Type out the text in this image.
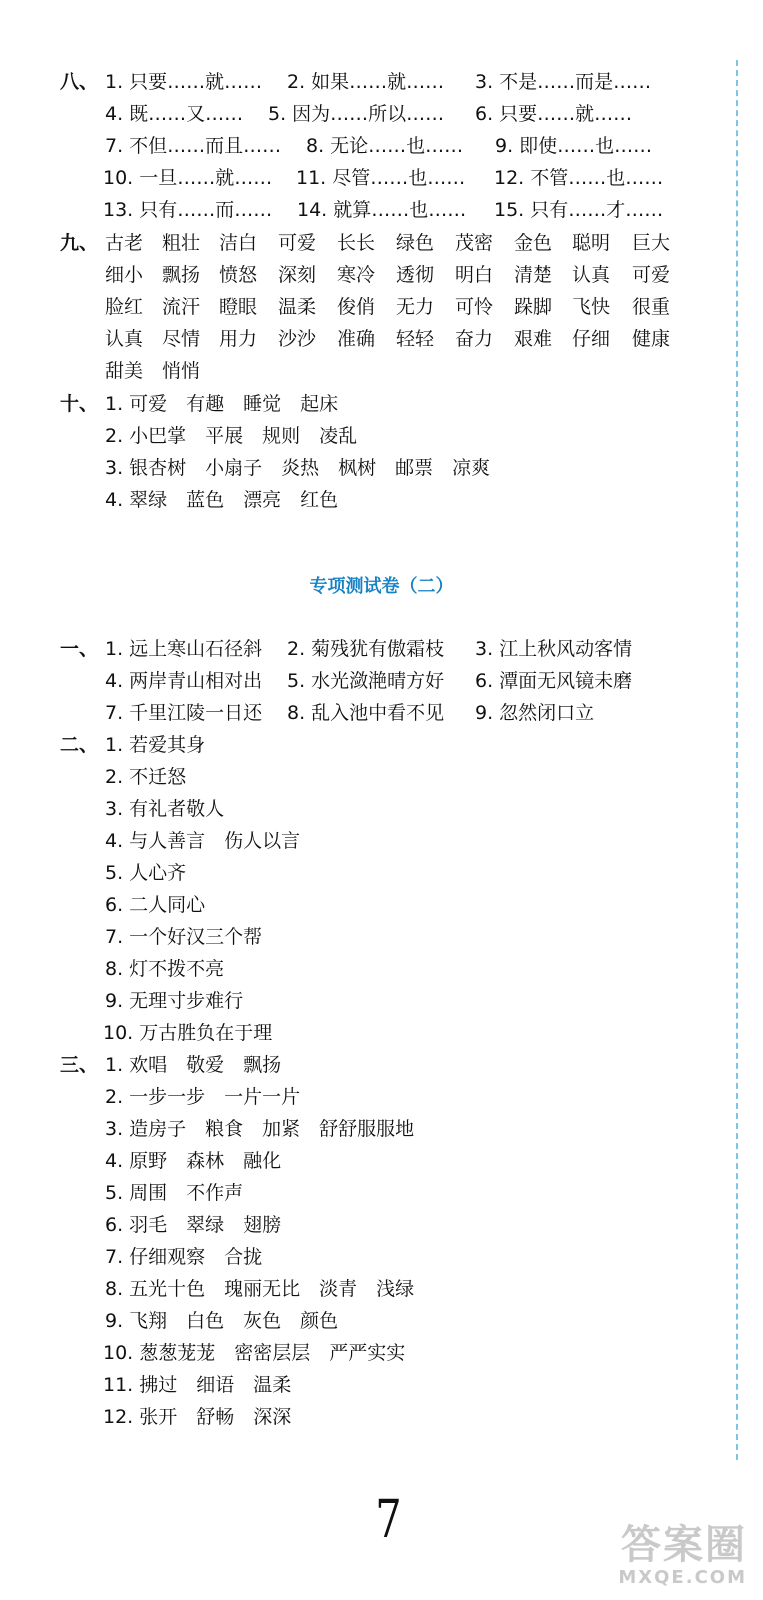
八、 1. 只要……就…… 2. 如果……就…… 3. 不是……而是……
4. 既……又…… 5. 因为……所以…… 6. 只要……就……
7. 不但……而且…… 8. 无论……也…… 9. 即使……也……
10. 一旦……就…… 11. 尽管……也…… 12. 不管……也……
13. 只有……而…… 14. 就算……也…… 15. 只有……才……
九、 古老 粗壮 洁白 可爱 长长 绿色 茂密 金色 聪明 巨大
细小 飘扬 愤怒 深刻 寒冷 透彻 明白 清楚 认真 可爱
脸红 流汗 瞪眼 温柔 俊俏 无力 可怜 跺脚 飞快 很重
认真 尽情 用力 沙沙 准确 轻轻 奋力 艰难 仔细 健康
甜美 悄悄
十、 1. 可爱　有趣　睡觉　起床
2. 小巴掌　平展　规则　凌乱
3. 银杏树　小扇子　炎热　枫树　邮票　凉爽
4. 翠绿　蓝色　漂亮　红色
专项测试卷（二）
一、 1. 远上寒山石径斜 2. 菊残犹有傲霜枝 3. 江上秋风动客情
4. 两岸青山相对出 5. 水光潋滟晴方好 6. 潭面无风镜未磨
7. 千里江陵一日还 8. 乱入池中看不见 9. 忽然闭口立
二、 1. 若爱其身
2. 不迁怒
3. 有礼者敬人
4. 与人善言　伤人以言
5. 人心齐
6. 二人同心
7. 一个好汉三个帮
8. 灯不拨不亮
9. 无理寸步难行
10. 万古胜负在于理
三、 1. 欢唱　敬爱　飘扬
2. 一步一步　一片一片
3. 造房子　粮食　加紧　舒舒服服地
4. 原野　森林　融化
5. 周围　不作声
6. 羽毛　翠绿　翅膀
7. 仔细观察　合拢
8. 五光十色　瑰丽无比　淡青　浅绿
9. 飞翔　白色　灰色　颜色
10. 葱葱茏茏　密密层层　严严实实
11. 拂过　细语　温柔
12. 张开　舒畅　深深
7	答案圈
MXQE.COM
